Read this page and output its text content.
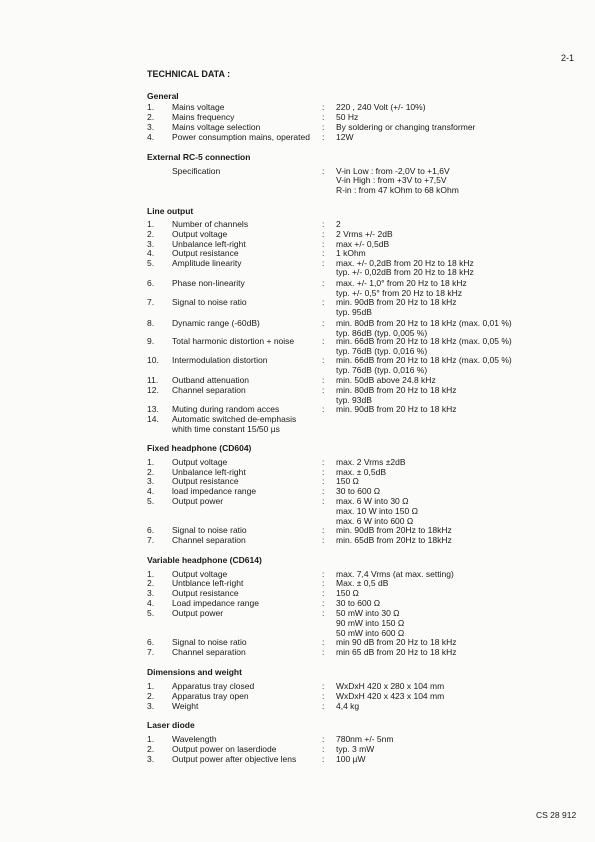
2-1
TECHNICAL DATA :
General
1. Mains voltage	: 220 , 240 Volt (+/- 10%)
2. Mains frequency	: 50 Hz
3. Mains voltage selection	: By soldering or changing transformer
4. Power consumption mains, operated : 12W
External RC-5 connection
Specification	: V-in Low : from -2,0V to +1,6V
V-in High : from +3V to +7,5V
R-in : from 47 kOhm to 68 kOhm
Line output
1. Number of channels	: 2
2. Output voltage	: 2 Vrms +/- 2dB
3. Unbalance left-right	: max +/- 0,5dB
4. Output resistance	: 1 kOhm
5. Amplitude linearity	: max. +/- 0,2dB from 20 Hz to 18 kHz
typ. +/- 0,02dB from 20 Hz to 18 kHz
6. Phase non-linearity	: max. +/- 1,0° from 20 Hz to 18 kHz
typ. +/- 0,5° from 20 Hz to 18 kHz
7. Signal to noise ratio	: min. 90dB from 20 Hz to 18 kHz
typ. 95dB
8. Dynamic range (-60dB)	: min. 80dB from 20 Hz to 18 kHz (max. 0,01 %)
typ. 86dB (typ. 0,005 %)
9. Total harmonic distortion + noise	: min. 66dB from 20 Hz to 18 kHz (max. 0,05 %)
typ. 76dB (typ. 0,016 %)
10. Intermodulation distortion	: min. 66dB from 20 Hz to 18 kHz (max. 0,05 %)
typ. 76dB (typ. 0,016 %)
11. Outband attenuation	: min. 50dB above 24.8 kHz
12. Channel separation	: min. 80dB from 20 Hz to 18 kHz
typ. 93dB
13. Muting during random acces	: min. 90dB from 20 Hz to 18 kHz
14. Automatic switched de-emphasis
whith time constant 15/50 µs
Fixed headphone (CD604)
1. Output voltage	: max. 2 Vrms ±2dB
2. Unbalance left-right	: max. ± 0,5dB
3. Output resistance	: 150 Ω
4. load impedance range	: 30 to 600 Ω
5. Output power	: max. 6 W into 30 Ω
max. 10 W into 150 Ω
max. 6 W into 600 Ω
6. Signal to noise ratio	: min. 90dB from 20Hz to 18kHz
7. Channel separation	: min. 65dB from 20Hz to 18kHz
Variable headphone (CD614)
1. Output voltage	: max. 7,4 Vrms (at max. setting)
2. Untblance left-right	: Max. ± 0,5 dB
3. Output resistance	: 150 Ω
4. Load impedance range	: 30 to 600 Ω
5. Output power	: 50 mW into 30 Ω
90 mW into 150 Ω
50 mW into 600 Ω
6. Signal to noise ratio	: min 90 dB from 20 Hz to 18 kHz
7. Channel separation	: min 65 dB from 20 Hz to 18 kHz
Dimensions and weight
1. Apparatus tray closed	: WxDxH 420 x 280 x 104 mm
2. Apparatus tray open	: WxDxH 420 x 423 x 104 mm
3. Weight	: 4,4 kg
Laser diode
1. Wavelength	: 780nm +/- 5nm
2. Output power on laserdiode	: typ. 3 mW
3. Output power after objective lens	: 100 µW
CS 28 912
